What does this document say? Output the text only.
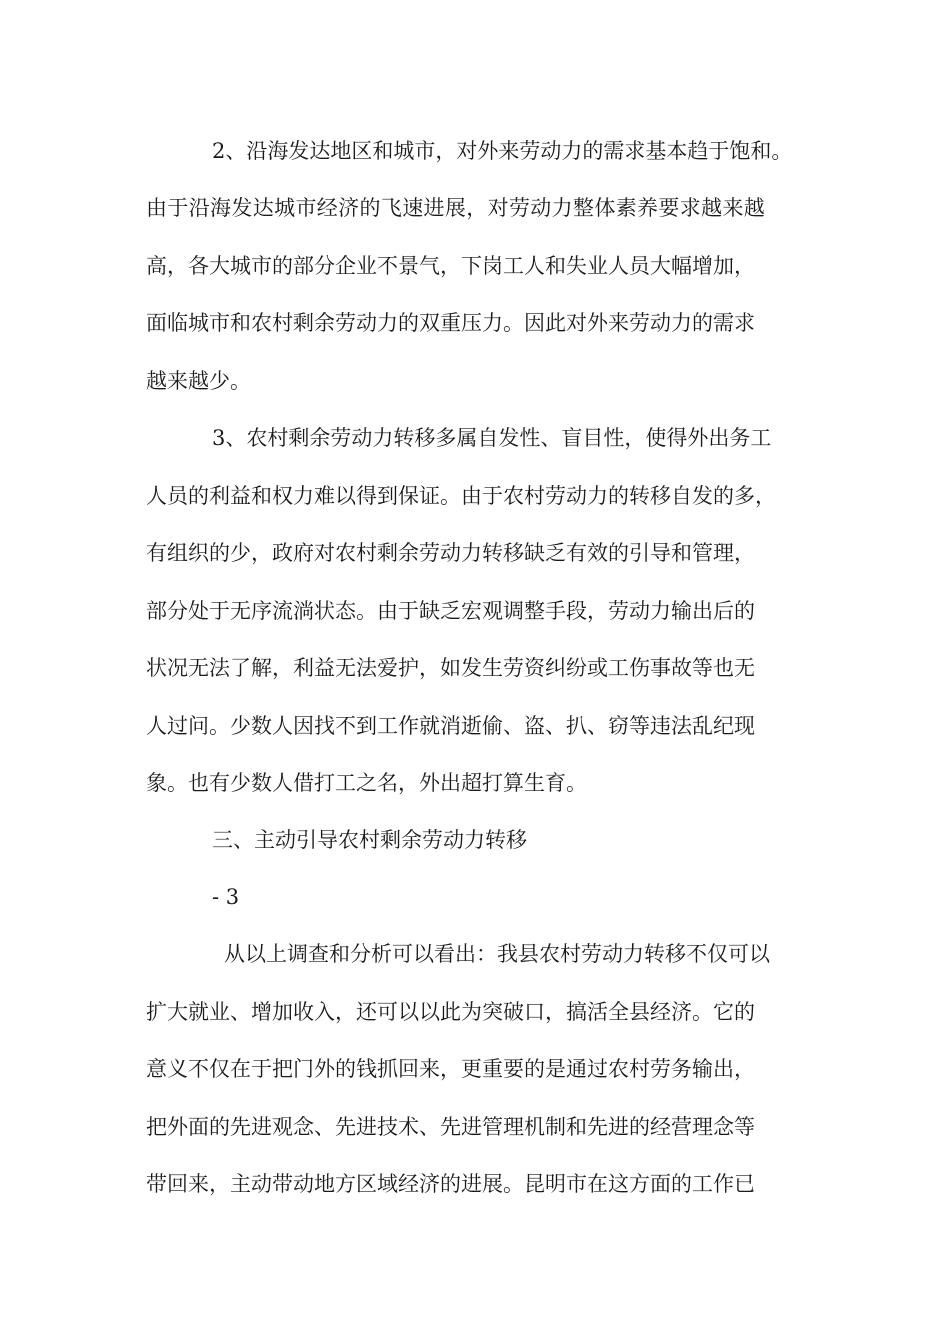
2、沿海发达地区和城市，对外来劳动力的需求基本趋于饱和。
由于沿海发达城市经济的飞速进展，对劳动力整体素养要求越来越
高，各大城市的部分企业不景气，下岗工人和失业人员大幅增加，
面临城市和农村剩余劳动力的双重压力。因此对外来劳动力的需求
越来越少。
3、农村剩余劳动力转移多属自发性、盲目性，使得外出务工
人员的利益和权力难以得到保证。由于农村劳动力的转移自发的多，
有组织的少，政府对农村剩余劳动力转移缺乏有效的引导和管理，
部分处于无序流淌状态。由于缺乏宏观调整手段，劳动力输出后的
状况无法了解，利益无法爱护，如发生劳资纠纷或工伤事故等也无
人过问。少数人因找不到工作就消逝偷、盗、扒、窃等违法乱纪现
象。也有少数人借打工之名，外出超打算生育。
三、主动引导农村剩余劳动力转移
- 3
从以上调查和分析可以看出：我县农村劳动力转移不仅可以
扩大就业、增加收入，还可以以此为突破口，搞活全县经济。它的
意义不仅在于把门外的钱抓回来，更重要的是通过农村劳务输出，
把外面的先进观念、先进技术、先进管理机制和先进的经营理念等
带回来，主动带动地方区域经济的进展。昆明市在这方面的工作已
